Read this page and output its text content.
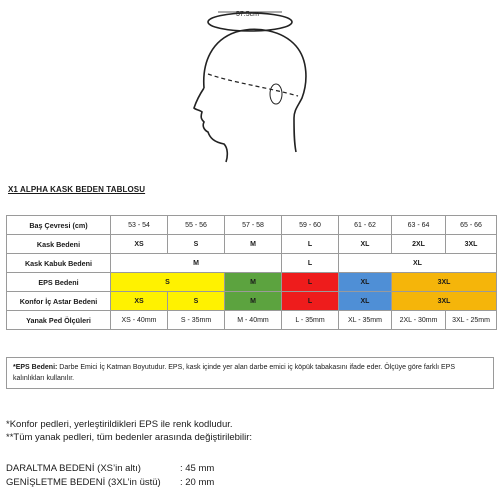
57.5cm
X1 ALPHA KASK BEDEN TABLOSU
Baş Çevresi (cm)	53 - 54	55 - 56	57 - 58	59 - 60	61 - 62	63 - 64	65 - 66
Kask Bedeni	XS	S	M	L	XL	2XL	3XL
Kask Kabuk Bedeni	M			L	XL		
EPS Bedeni	S		M	L	XL	3XL	
Konfor İç Astar Bedeni	XS	S	M	L	XL	3XL	
Yanak Ped Ölçüleri	XS - 40mm	S - 35mm	M - 40mm	L - 35mm	XL - 35mm	2XL - 30mm	3XL - 25mm
*EPS Bedeni: Darbe Emici İç Katman Boyutudur. EPS, kask içinde yer alan darbe emici iç köpük tabakasını ifade eder. Ölçüye göre farklı EPS kalınlıkları kullanılır.
*Konfor pedleri, yerleştirildikleri EPS ile renk kodludur.
**Tüm yanak pedleri, tüm bedenler arasında değiştirilebilir:
DARALTMA BEDENİ (XS’in altı)	: 45 mm
GENİŞLETME BEDENİ (3XL’in üstü) : 20 mm
